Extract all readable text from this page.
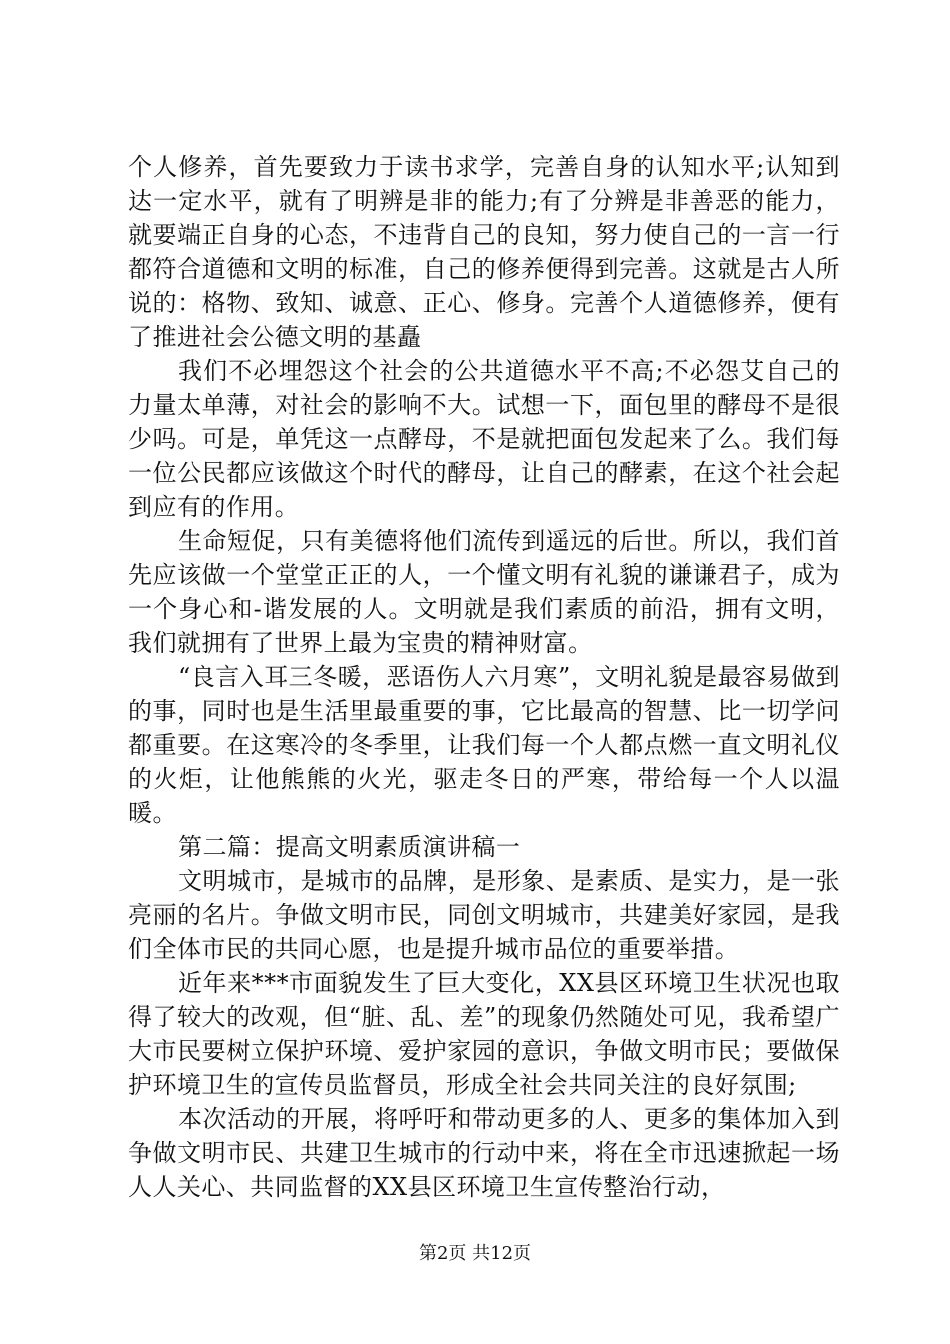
个人修养，首先要致力于读书求学，完善自身的认知水平;认知到达一定水平，就有了明辨是非的能力;有了分辨是非善恶的能力，就要端正自身的心态，不违背自己的良知，努力使自己的一言一行都符合道德和文明的标准，自己的修养便得到完善。这就是古人所说的：格物、致知、诚意、正心、修身。完善个人道德修养，便有了推进社会公德文明的基矗

我们不必埋怨这个社会的公共道德水平不高;不必怨艾自己的力量太单薄，对社会的影响不大。试想一下，面包里的酵母不是很少吗。可是，单凭这一点酵母，不是就把面包发起来了么。我们每一位公民都应该做这个时代的酵母，让自己的酵素，在这个社会起到应有的作用。

生命短促，只有美德将他们流传到遥远的后世。所以，我们首先应该做一个堂堂正正的人，一个懂文明有礼貌的谦谦君子，成为一个身心和-谐发展的人。文明就是我们素质的前沿，拥有文明，我们就拥有了世界上最为宝贵的精神财富。

“良言入耳三冬暖，恶语伤人六月寒”，文明礼貌是最容易做到的事，同时也是生活里最重要的事，它比最高的智慧、比一切学问都重要。在这寒冷的冬季里，让我们每一个人都点燃一直文明礼仪的火炬，让他熊熊的火光，驱走冬日的严寒，带给每一个人以温暖。

第二篇：提高文明素质演讲稿一

文明城市，是城市的品牌，是形象、是素质、是实力，是一张亮丽的名片。争做文明市民，同创文明城市，共建美好家园，是我们全体市民的共同心愿，也是提升城市品位的重要举措。

近年来***市面貌发生了巨大变化，XX县区环境卫生状况也取得了较大的改观，但“脏、乱、差”的现象仍然随处可见，我希望广大市民要树立保护环境、爱护家园的意识，争做文明市民；要做保护环境卫生的宣传员监督员，形成全社会共同关注的良好氛围;

本次活动的开展，将呼吁和带动更多的人、更多的集体加入到争做文明市民、共建卫生城市的行动中来，将在全市迅速掀起一场人人关心、共同监督的XX县区环境卫生宣传整治行动，

第2页 共12页
